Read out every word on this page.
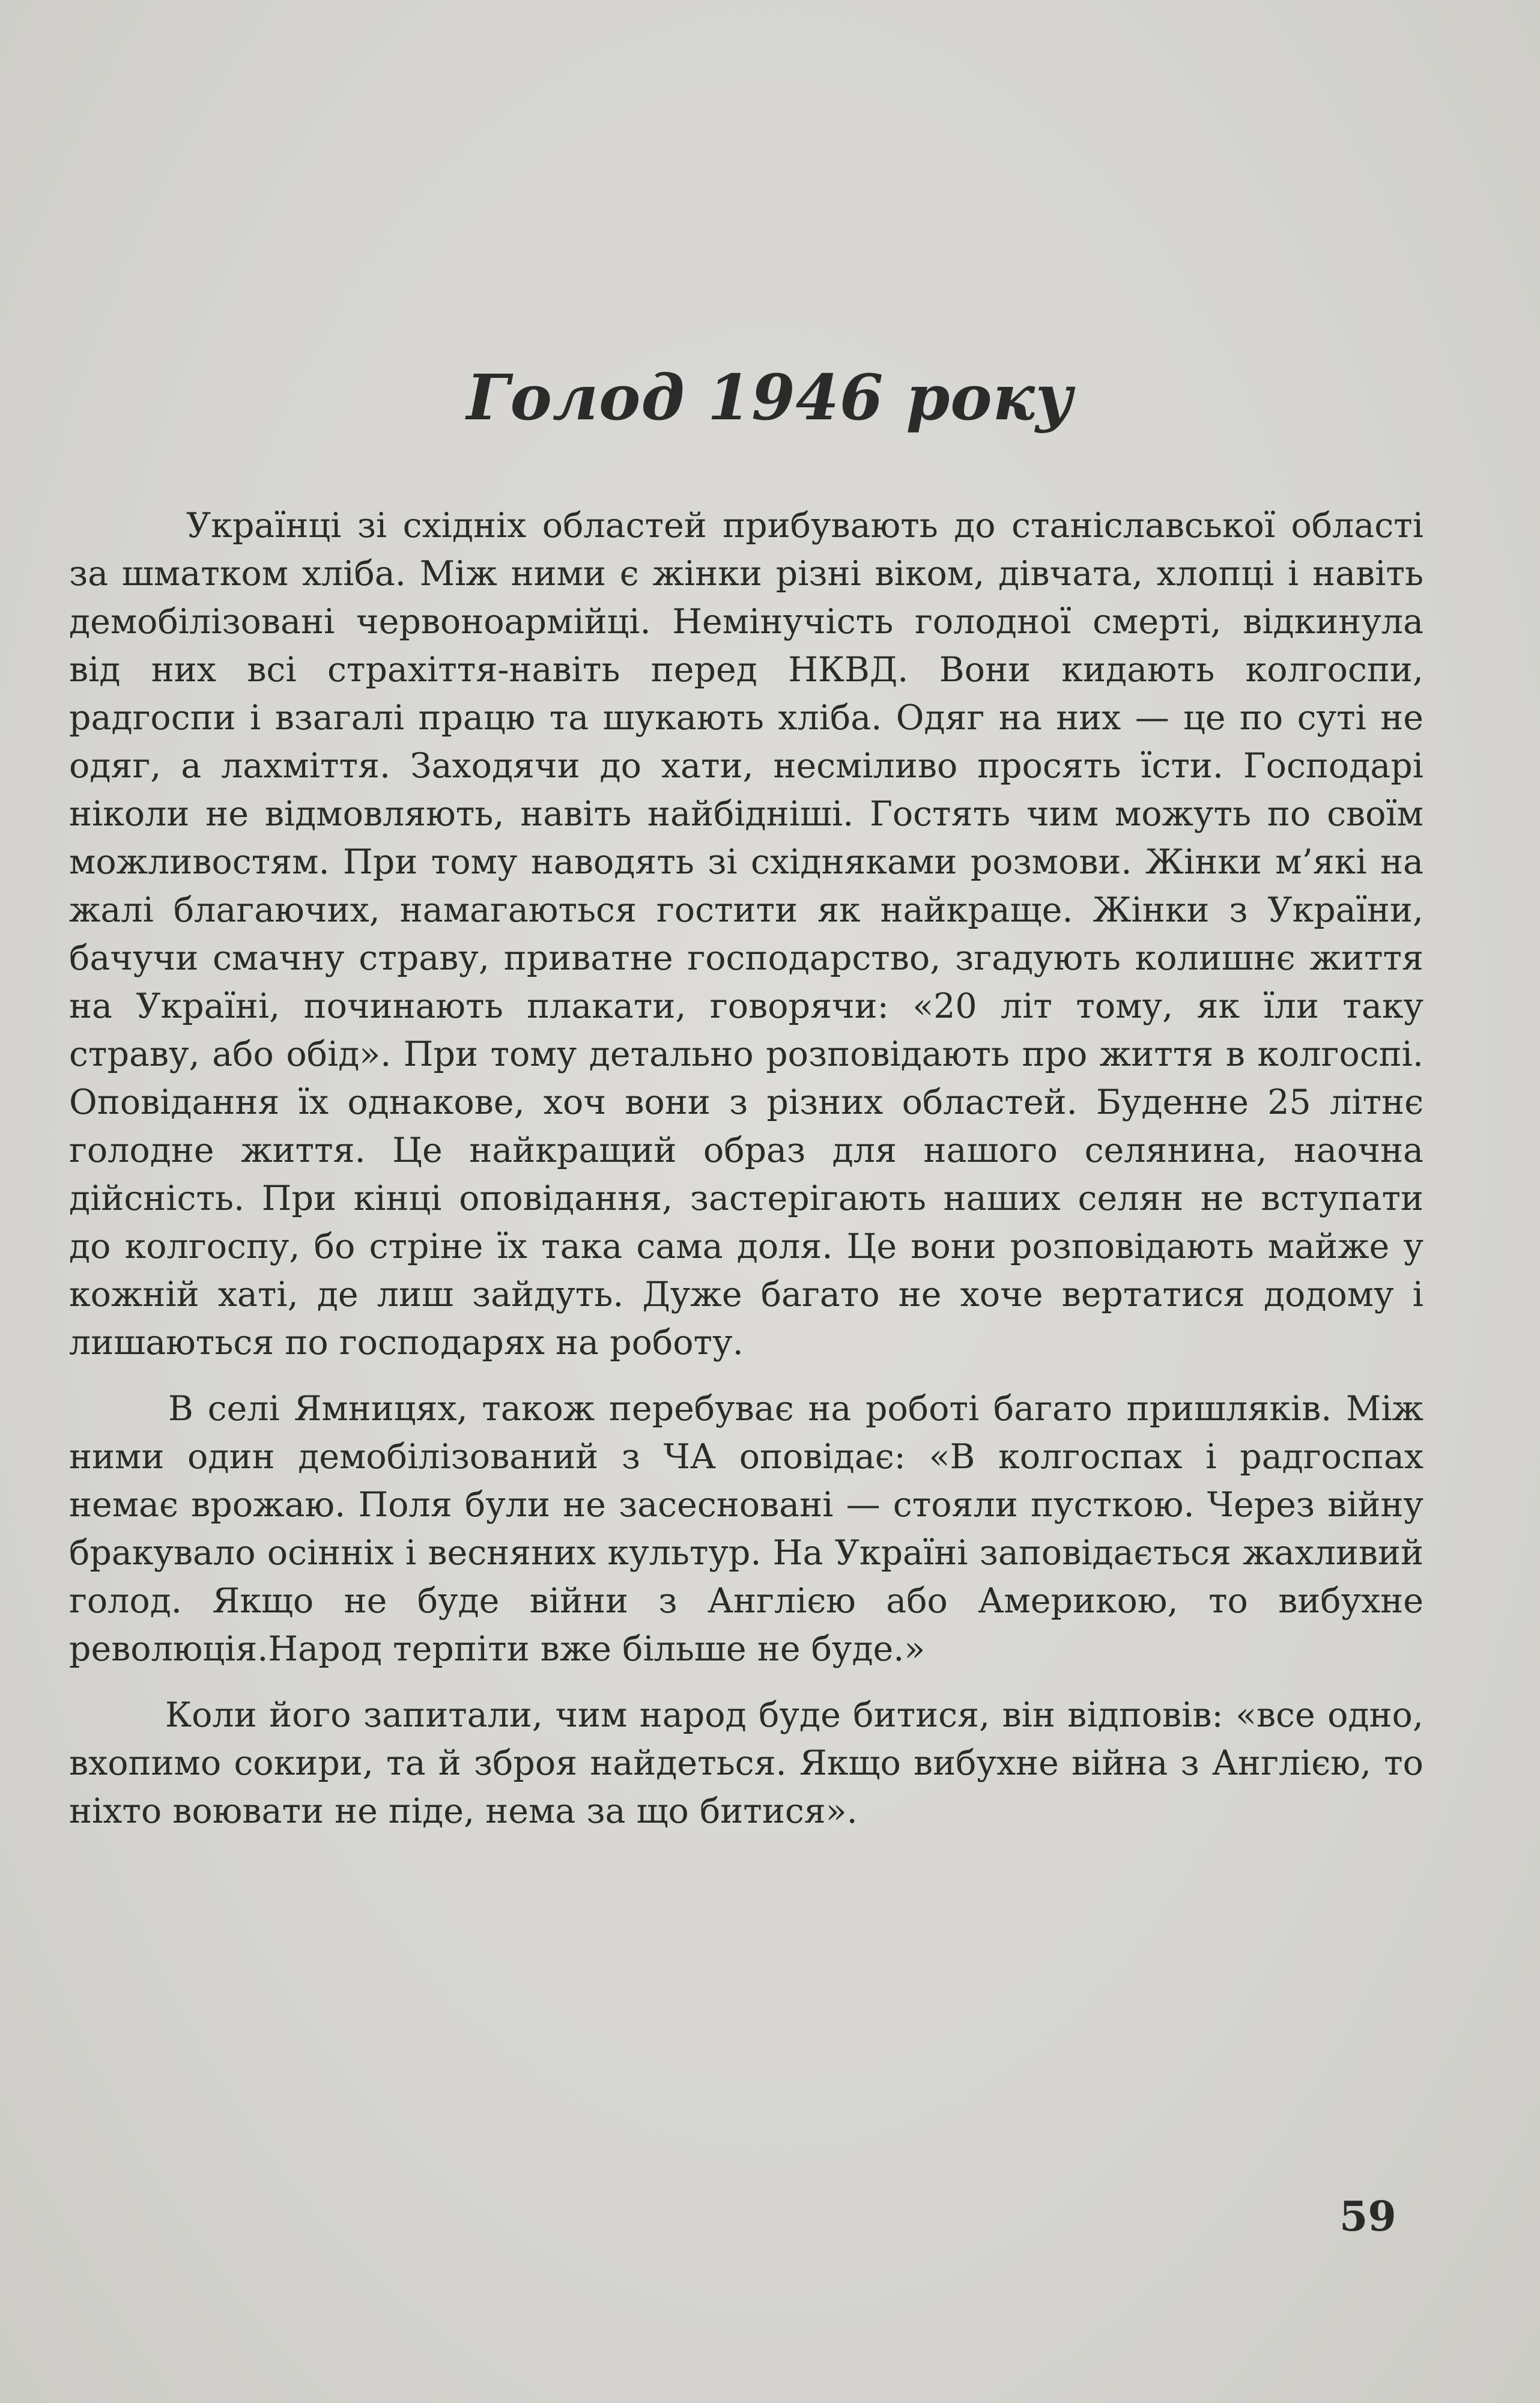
Голод 1946 року

Українці зі східніх областей прибувають до станіславської області за шматком хліба. Між ними є жінки різні віком, дівчата, хлопці і навіть демобілізовані червоноармійці. Немінучість голодної смерті, відкинула від них всі страхіття-навіть перед НКВД. Вони кидають колгоспи, радгоспи і взагалі працю та шукають хліба. Одяг на них — це по суті не одяг, а лахміття. Заходячи до хати, несміливо просять їсти. Господарі ніколи не відмовляють, навіть найбідніші. Гостять чим можуть по своїм можливостям. При тому наводять зі східняками розмови. Жінки м’які на жалі благаючих, намагаються гостити як найкраще. Жінки з України, бачучи смачну страву, приватне господарство, згадують колишнє життя на Україні, починають плакати, говорячи: «20 літ тому, як їли таку страву, або обід». При тому детально розповідають про життя в колгоспі. Оповідання їх однакове, хоч вони з різних областей. Буденне 25 літнє голодне життя. Це найкращий образ для нашого селянина, наочна дійсність. При кінці оповідання, застерігають наших селян не вступати до колгоспу, бо стріне їх така сама доля. Це вони розповідають майже у кожній хаті, де лиш зайдуть. Дуже багато не хоче вертатися додому і лишаються по господарях на роботу.

В селі Ямницях, також перебуває на роботі багато пришляків. Між ними один демобілізований з ЧА оповідає: «В колгоспах і радгоспах немає врожаю. Поля були не засесновані — стояли пусткою. Через війну бракувало осінніх і весняних культур. На Україні заповідається жахливий голод. Якщо не буде війни з Англією або Америкою, то вибухне революція.Народ терпіти вже більше не буде.»

Коли його запитали, чим народ буде битися, він відповів: «все одно, вхопимо сокири, та й зброя найдеться. Якщо вибухне війна з Англією, то ніхто воювати не піде, нема за що битися».

59
